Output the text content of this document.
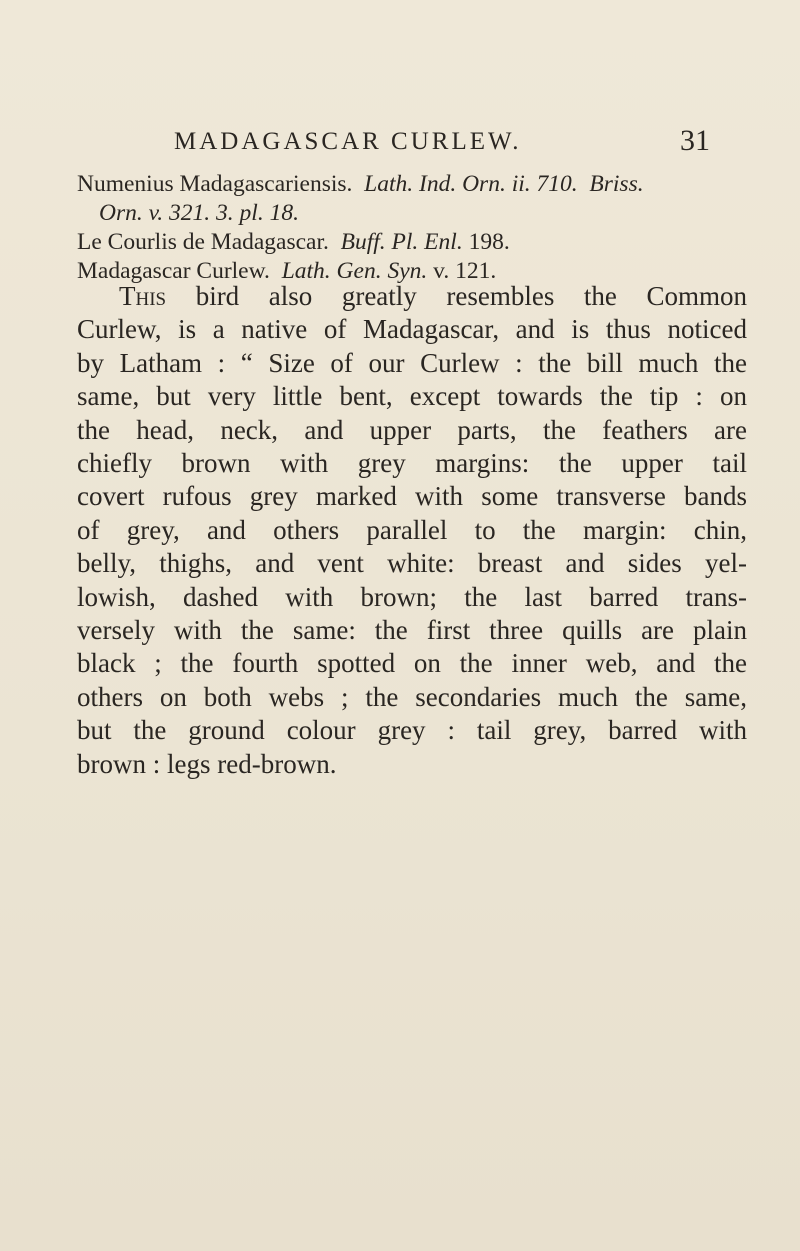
MADAGASCAR CURLEW.	31
Numenius Madagascariensis. Lath. Ind. Orn. ii. 710. Briss.
Orn. v. 321. 3. pl. 18.
Le Courlis de Madagascar. Buff. Pl. Enl. 198.
Madagascar Curlew. Lath. Gen. Syn. v. 121.
This bird also greatly resembles the Common
Curlew, is a native of Madagascar, and is thus noticed
by Latham : “ Size of our Curlew : the bill much the
same, but very little bent, except towards the tip : on
the head, neck, and upper parts, the feathers are
chiefly brown with grey margins: the upper tail
covert rufous grey marked with some transverse bands
of grey, and others parallel to the margin: chin,
belly, thighs, and vent white: breast and sides yel-
lowish, dashed with brown; the last barred trans-
versely with the same: the first three quills are plain
black ; the fourth spotted on the inner web, and the
others on both webs ; the secondaries much the same,
but the ground colour grey : tail grey, barred with
brown : legs red-brown.
